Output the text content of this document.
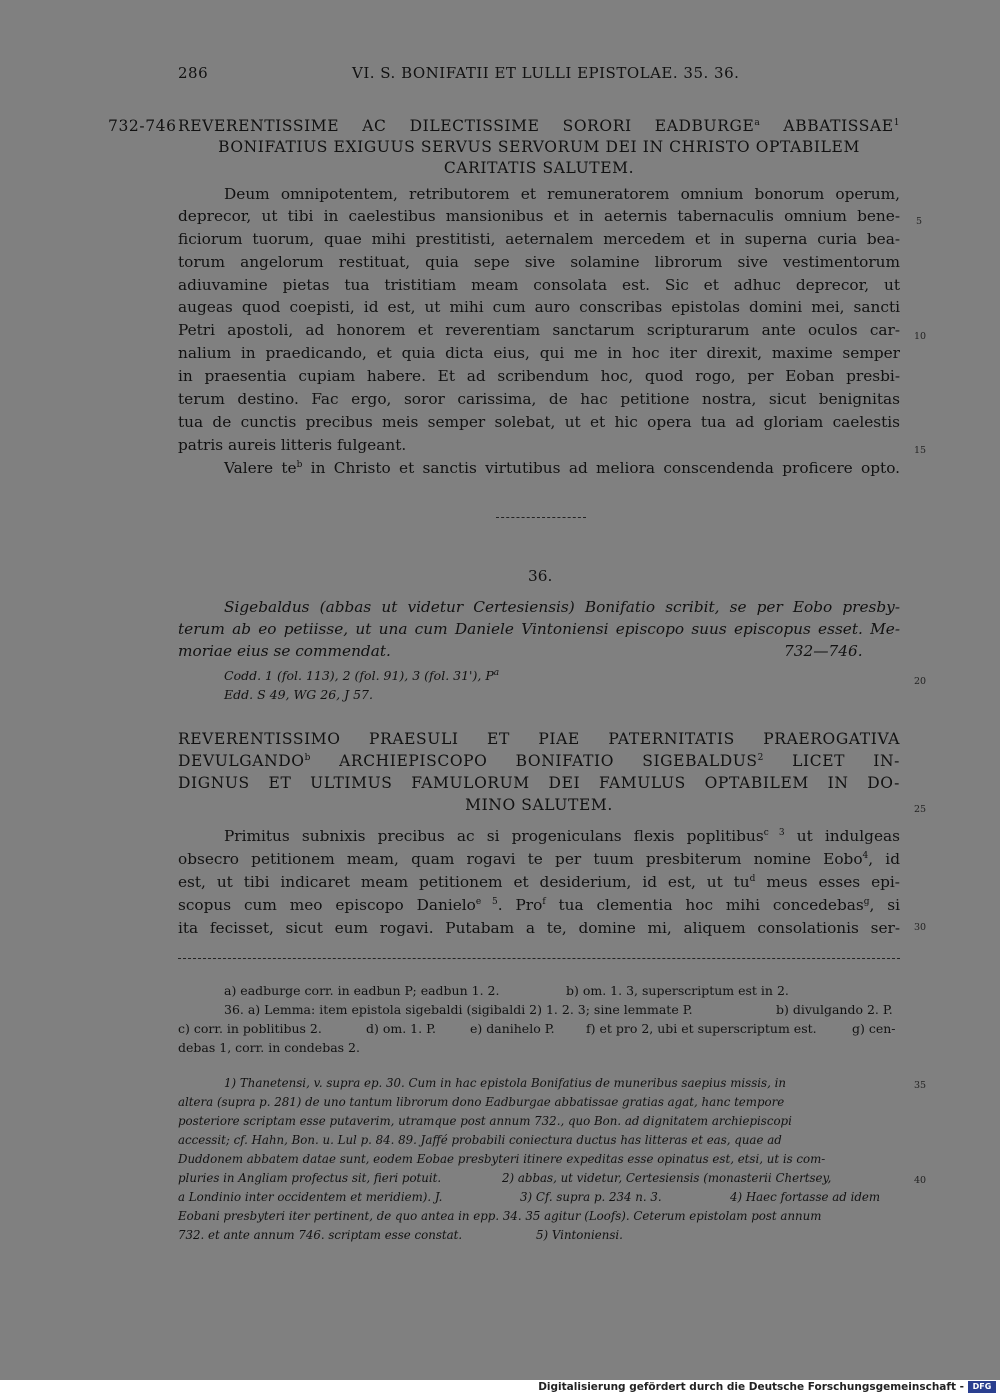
286	VI. S. BONIFATII ET LULLI EPISTOLAE. 35. 36.
732-746 REVERENTISSIME AC DILECTISSIME SORORI EADBURGE$^a$ ABBATISSAE$^1$
BONIFATIUS EXIGUUS SERVUS SERVORUM DEI IN CHRISTO OPTABILEM
CARITATIS SALUTEM.
Deum omnipotentem, retributorem et remuneratorem omnium bonorum operum,
deprecor, ut tibi in caelestibus mansionibus et in aeternis tabernaculis omnium bene-
ficiorum tuorum, quae mihi prestitisti, aeternalem mercedem et in superna curia bea-
torum angelorum restituat, quia sepe sive solamine librorum sive vestimentorum
adiuvamine pietas tua tristitiam meam consolata est. Sic et adhuc deprecor, ut
augeas quod coepisti, id est, ut mihi cum auro conscribas epistolas domini mei, sancti
Petri apostoli, ad honorem et reverentiam sanctarum scripturarum ante oculos car-
nalium in praedicando, et quia dicta eius, qui me in hoc iter direxit, maxime semper
in praesentia cupiam habere. Et ad scribendum hoc, quod rogo, per Eoban presbi-
terum destino. Fac ergo, soror carissima, de hac petitione nostra, sicut benignitas
tua de cunctis precibus meis semper solebat, ut et hic opera tua ad gloriam caelestis
patris aureis litteris fulgeant.
Valere $te^b$ in Christo et sanctis virtutibus ad meliora conscendenda proficere opto.
36.
Sigebaldus (abbas ut videtur Certesiensis) Bonifatio scribit, se per Eobo presby-
terum ab eo petiisse, ut una cum Daniele Vintoniensi episcopo suus episcopus esset. Me-
moriae eius se commendat.	732—746.
Codd. 1 (fol. 113), 2 (fol. 91), 3 (fol. 31'), $P^a$
Edd. S 49, WG 26, J 57.
REVERENTISSIMO PRAESULI ET PIAE PATERNITATIS PRAEROGATIVA
DEVULGANDO$^b$ ARCHIEPISCOPO BONIFATIO SIGEBALDUS$^2$ LICET IN-
DIGNUS ET ULTIMUS FAMULORUM DEI FAMULUS OPTABILEM IN DO-
MINO SALUTEM.
Primitus subnixis precibus ac si progeniculans flexis poplitibus$^{c 3}$ ut indulgeas
obsecro petitionem meam, quam rogavi te per tuum presbiterum nomine Eobo$^4$, id
est, ut tibi indicaret meam petitionem et desiderium, id est, ut $tu^d$ meus esses epi-
scopus cum meo episcopo Danielo$^{e 5}$. Pro$^f$ tua clementia hoc mihi concedebas$^g$, si
ita fecisset, sicut eum rogavi. Putabam a te, domine mi, aliquem consolationis ser-
a) eadburge corr. in eadbun P; eadbun 1. 2.	b) om. 1. 3, superscriptum est in 2.
36. a) Lemma: item epistola sigebaldi (sigibaldi 2) 1. 2. 3; sine lemmate P.	b) divulgando 2. P.
c) corr. in poblitibus 2.	d) om. 1. P.	e) danihelo P.	f) et pro 2, ubi et superscriptum est.	g) cen-
debas 1, corr. in condebas 2.
1) Thanetensi, v. supra ep. 30. Cum in hac epistola Bonifatius de muneribus saepius missis, in
altera (supra p. 281) de uno tantum librorum dono Eadburgae abbatissae gratias agat, hanc tempore
posteriore scriptam esse putaverim, utramque post annum 732., quo Bon. ad dignitatem archiepiscopi
accessit; cf. Hahn, Bon. u. Lul p. 84. 89. Jaffé probabili coniectura ductus has litteras et eas, quae ad
Duddonem abbatem datae sunt, eodem Eobae presbyteri itinere expeditas esse opinatus est, etsi, ut is com-
pluries in Angliam profectus sit, fieri potuit.	2) abbas, ut videtur, Certesiensis (monasterii Chertsey,
a Londinio inter occidentem et meridiem). J.	3) Cf. supra p. 234 n. 3.	4) Haec fortasse ad idem
Eobani presbyteri iter pertinent, de quo antea in epp. 34. 35 agitur (Loofs). Ceterum epistolam post annum
732. et ante annum 746. scriptam esse constat.	5) Vintoniensi.
5
10
15
20
25
30
35
40
Digitalisierung gefördert durch die Deutsche Forschungsgemeinschaft -	DFG
